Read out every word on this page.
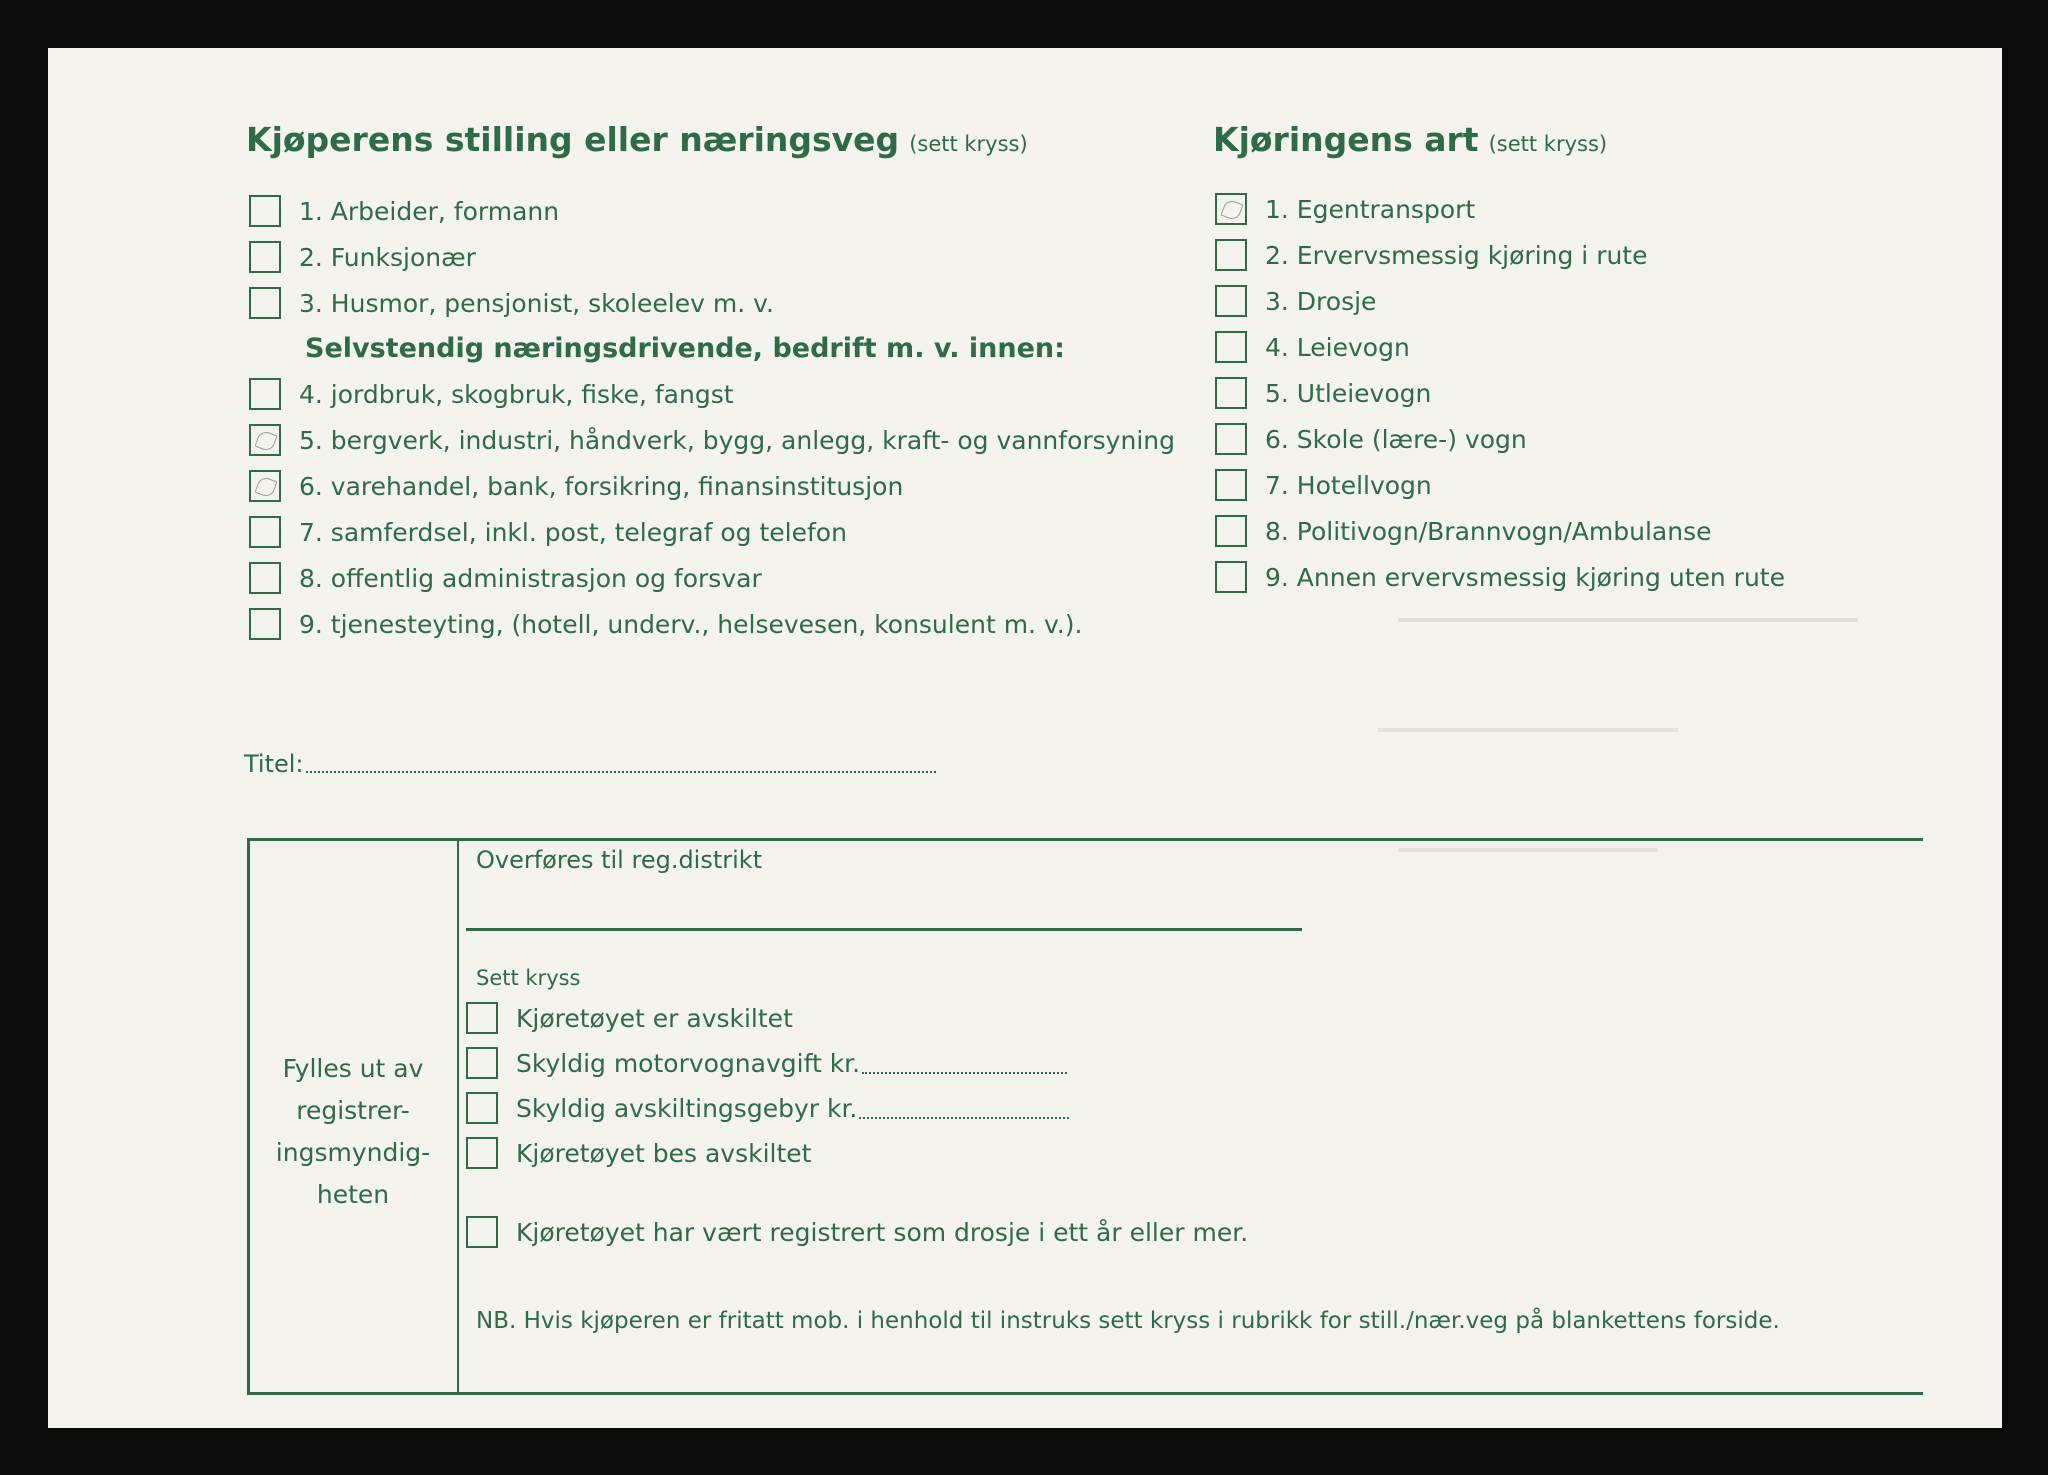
Kjøperens stilling eller næringsveg (sett kryss)
1. Arbeider, formann
2. Funksjonær
3. Husmor, pensjonist, skoleelev m. v.
Selvstendig næringsdrivende, bedrift m. v. innen:
4. jordbruk, skogbruk, fiske, fangst
5. bergverk, industri, håndverk, bygg, anlegg, kraft- og vannforsyning
6. varehandel, bank, forsikring, finansinstitusjon
7. samferdsel, inkl. post, telegraf og telefon
8. offentlig administrasjon og forsvar
9. tjenesteyting, (hotell, underv., helsevesen, konsulent m. v.).
Titel:
Kjøringens art (sett kryss)
1. Egentransport
2. Ervervsmessig kjøring i rute
3. Drosje
4. Leievogn
5. Utleievogn
6. Skole (lære-) vogn
7. Hotellvogn
8. Politivogn/Brannvogn/Ambulanse
9. Annen ervervsmessig kjøring uten rute
Fylles ut av registrer- ingsmyndig- heten
Overføres til reg.distrikt
Sett kryss
Kjøretøyet er avskiltet
Skyldig motorvognavgift kr.
Skyldig avskiltingsgebyr kr.
Kjøretøyet bes avskiltet
Kjøretøyet har vært registrert som drosje i ett år eller mer.
NB. Hvis kjøperen er fritatt mob. i henhold til instruks sett kryss i rubrikk for still./nær.veg på blankettens forside.
